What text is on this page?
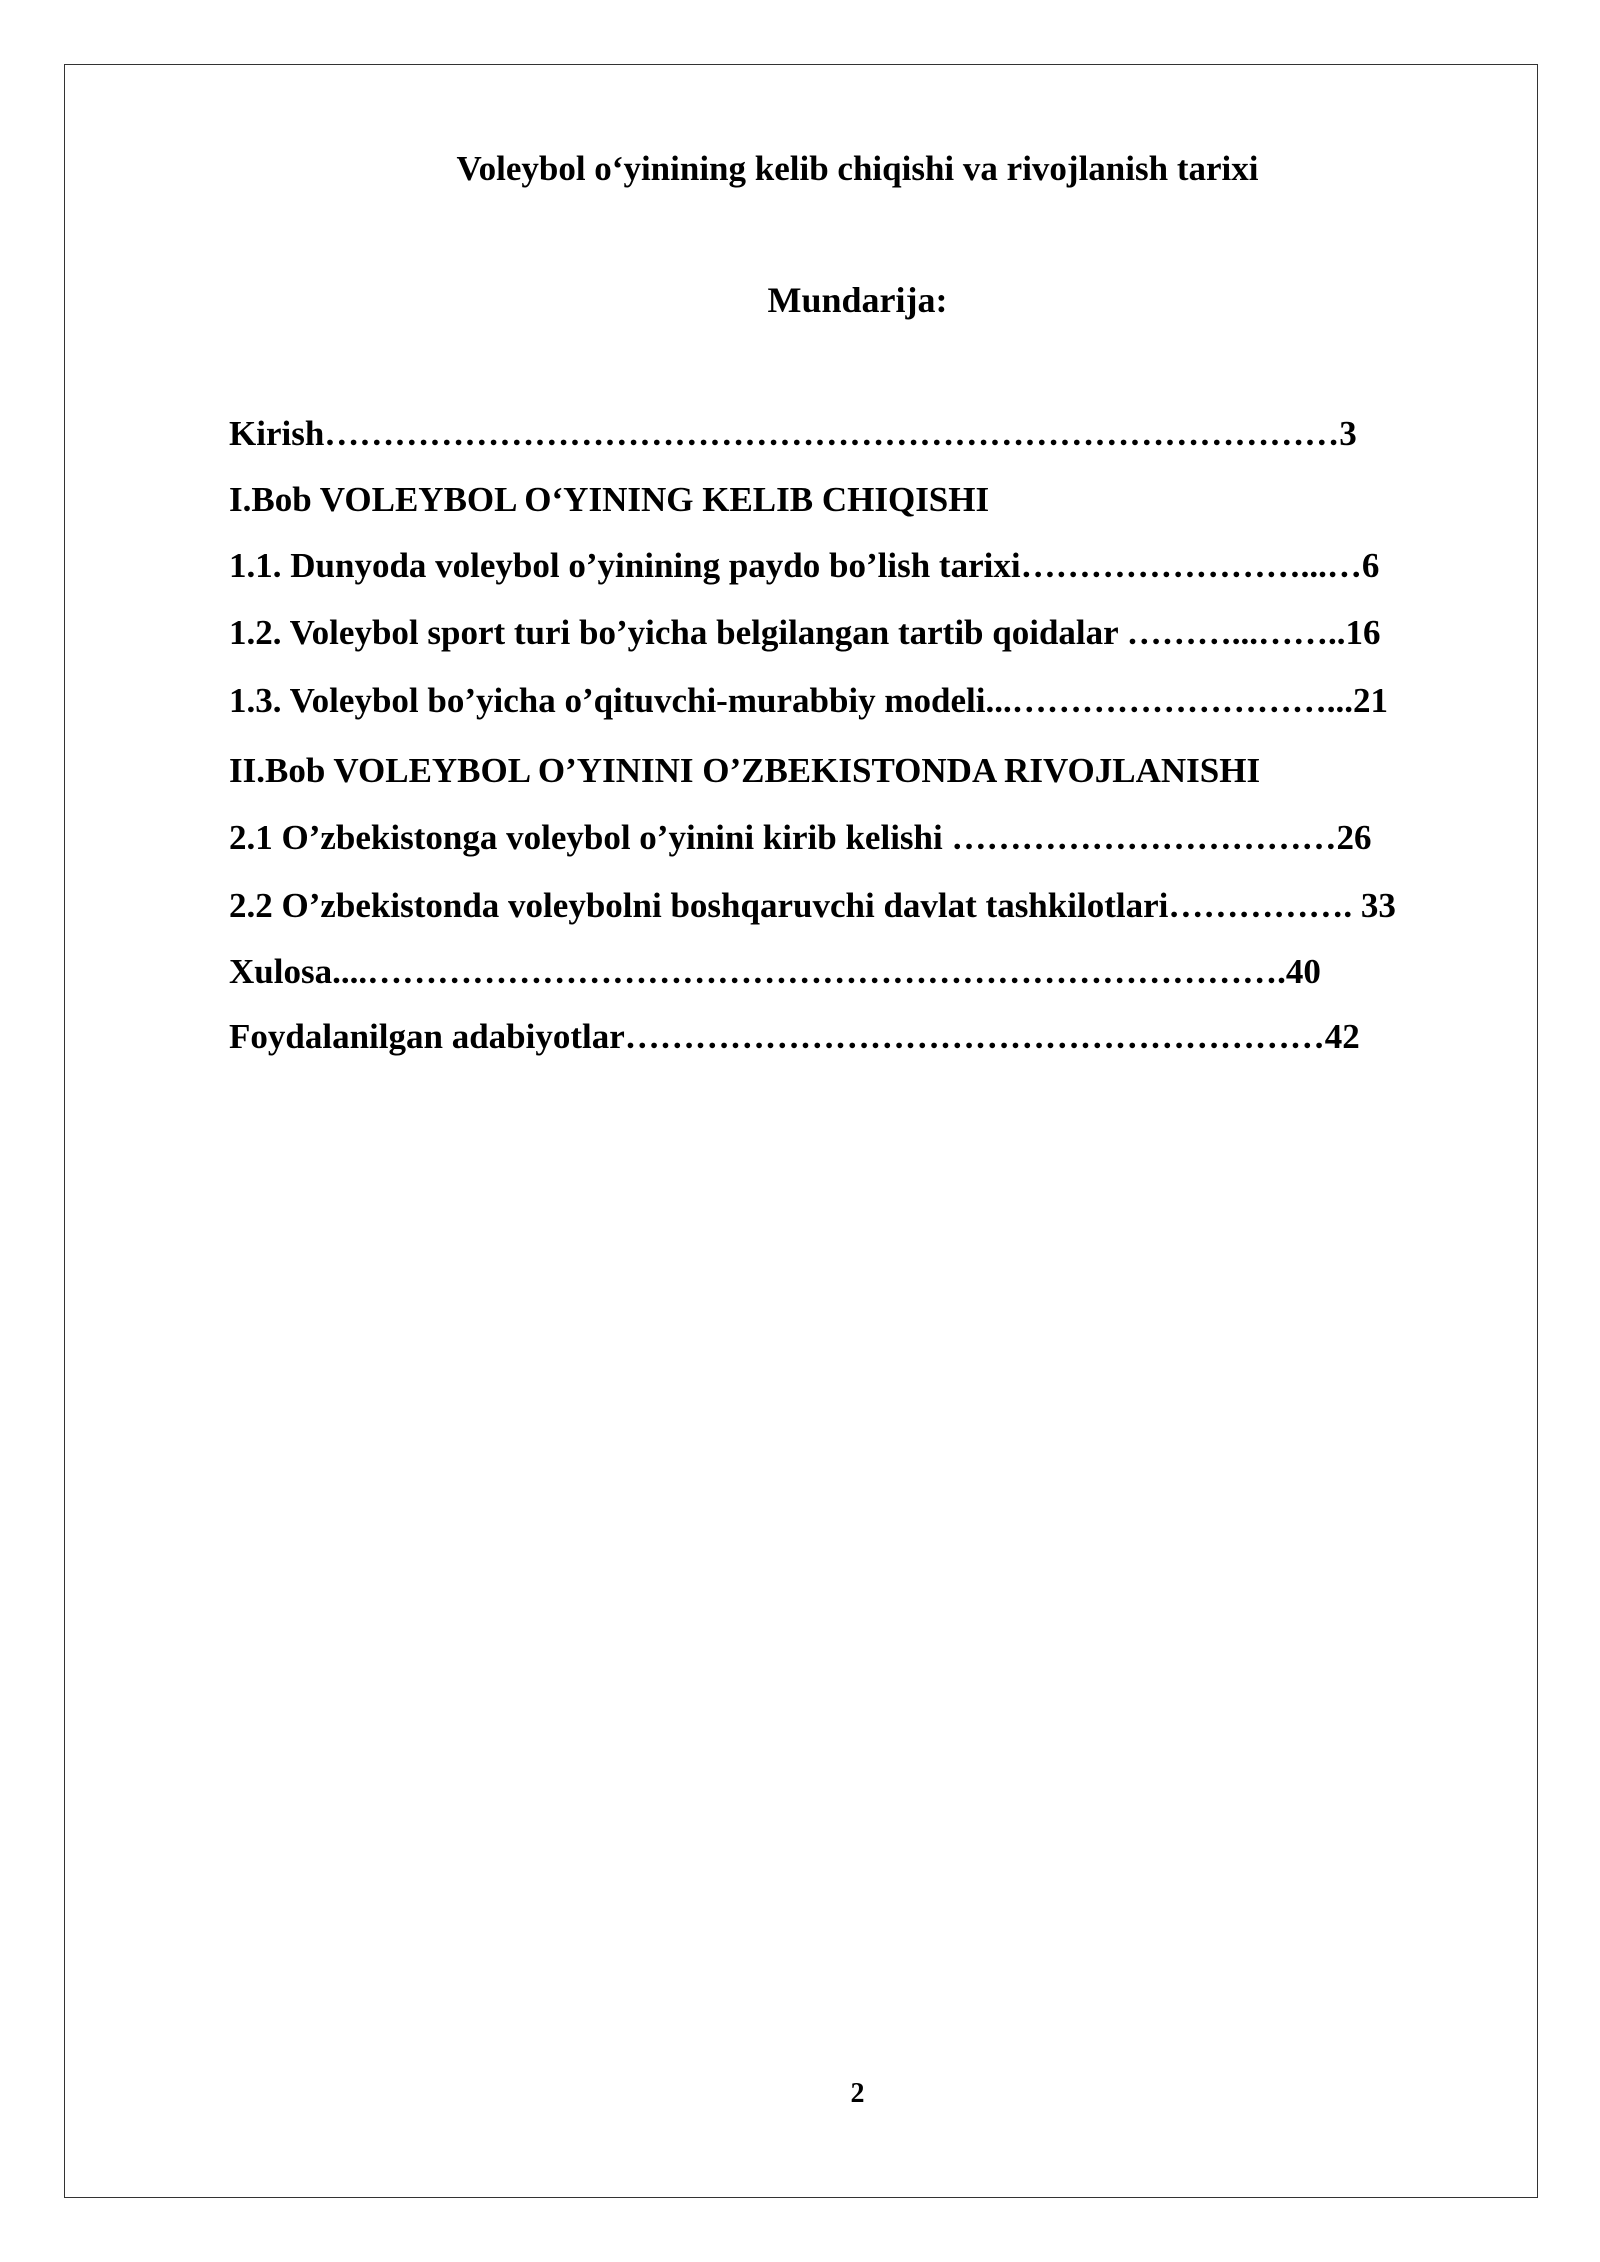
Voleybol o‘yinining kelib chiqishi va rivojlanish tarixi
Mundarija:
Kirish……………………………………………………………………………3
I.Bob VOLEYBOL O‘YINING KELIB CHIQISHI
1.1. Dunyoda voleybol o’yinining paydo bo’lish tarixi……………………...…6
1.2. Voleybol sport turi bo’yicha belgilangan tartib qoidalar ………...……..16
1.3. Voleybol bo’yicha o’qituvchi-murabbiy modeli...………………………...21
II.Bob VOLEYBOL O’YININI O’ZBEKISTONDA RIVOJLANISHI
2.1 O’zbekistonga voleybol o’yinini kirib kelishi ……………………………26
2.2 O’zbekistonda voleybolni boshqaruvchi davlat tashkilotlari……………. 33
Xulosa....…………………………………………………………………….40
Foydalanilgan adabiyotlar……………………………………………………42
2
